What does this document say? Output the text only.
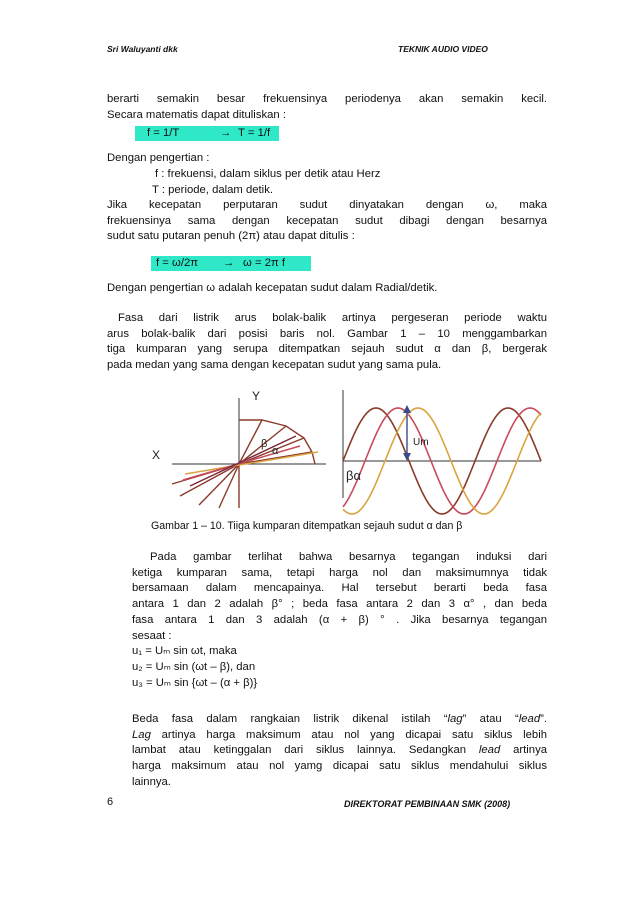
Sri Waluyanti dkk	TEKNIK AUDIO VIDEO
berarti semakin besar frekuensinya periodenya akan semakin kecil.
Secara matematis dapat dituliskan :
f = 1/T	→ T = 1/f
Dengan pengertian :
f : frekuensi, dalam siklus per detik atau Herz
T : periode, dalam detik.
Jika kecepatan perputaran sudut dinyatakan dengan ω, maka
frekuensinya sama dengan kecepatan sudut dibagi dengan besarnya
sudut satu putaran penuh (2π) atau dapat ditulis :
f = ω/2π → ω = 2π f
Dengan pengertian ω adalah kecepatan sudut dalam Radial/detik.
Fasa dari listrik arus bolak-balik artinya pergeseran periode waktu
arus bolak-balik dari posisi baris nol. Gambar 1 – 10 menggambarkan
tiga kumparan yang serupa ditempatkan sejauh sudut α dan β, bergerak
pada medan yang sama dengan kecepatan sudut yang sama pula.
Y
X
β
α
Um
βα
Gambar 1 – 10. Tiiga kumparan ditempatkan sejauh sudut α dan β
Pada gambar terlihat bahwa besarnya tegangan induksi dari
ketiga kumparan sama, tetapi harga nol dan maksimumnya tidak
bersamaan dalam mencapainya. Hal tersebut berarti beda fasa
antara 1 dan 2 adalah β° ; beda fasa antara 2 dan 3 α° , dan beda
fasa antara 1 dan 3 adalah (α + β) ° . Jika besarnya tegangan
sesaat :
u₁ = Uₘ sin ωt, maka
u₂ = Uₘ sin (ωt – β), dan
u₃ = Uₘ sin {ωt – (α + β)}
Beda fasa dalam rangkaian listrik dikenal istilah “lag” atau “lead”.
Lag artinya harga maksimum atau nol yang dicapai satu siklus lebih
lambat atau ketinggalan dari siklus lainnya. Sedangkan lead artinya
harga maksimum atau nol yamg dicapai satu siklus mendahului siklus
lainnya.
6	DIREKTORAT PEMBINAAN SMK (2008)
